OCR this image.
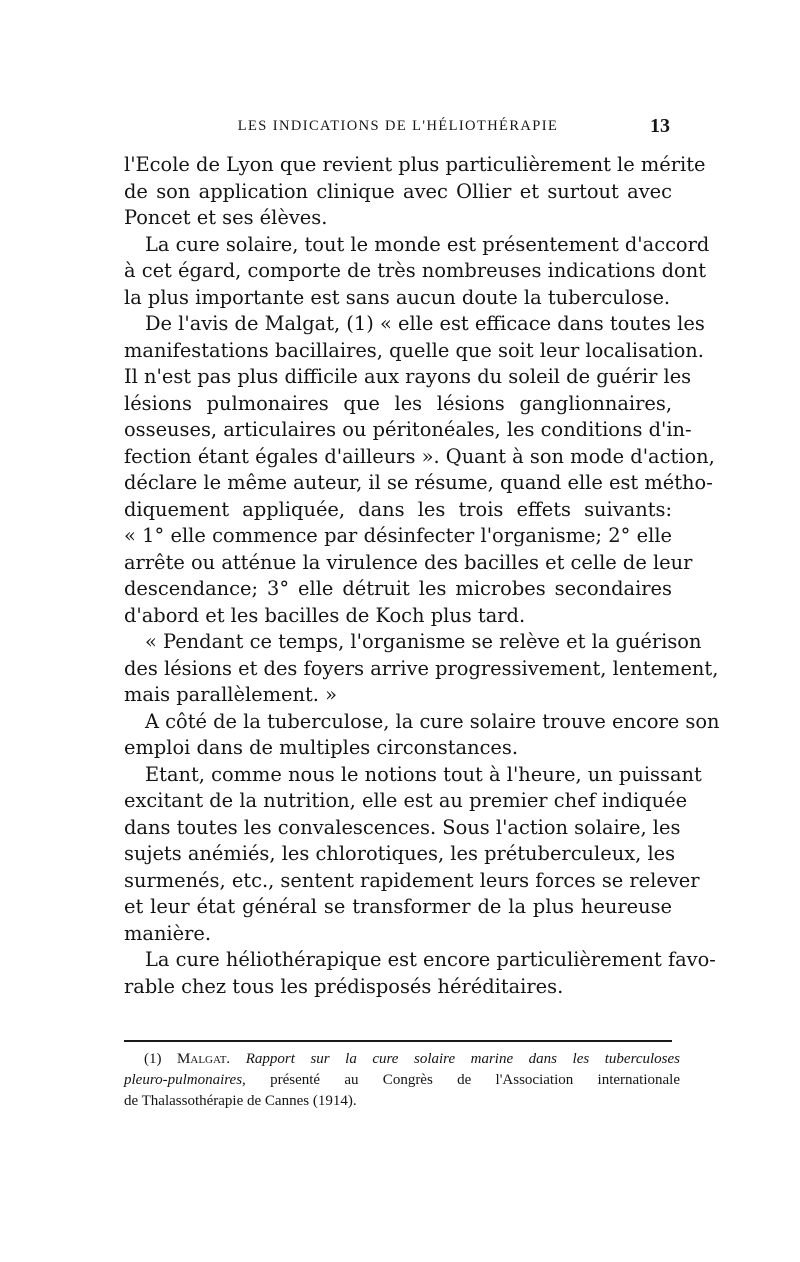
LES INDICATIONS DE L'HÉLIOTHÉRAPIE	13
l'Ecole de Lyon que revient plus particulièrement le mérite
de son application clinique avec Ollier et surtout avec
Poncet et ses élèves.
La cure solaire, tout le monde est présentement d'accord
à cet égard, comporte de très nombreuses indications dont
la plus importante est sans aucun doute la tuberculose.
De l'avis de Malgat, (1) « elle est efficace dans toutes les
manifestations bacillaires, quelle que soit leur localisation.
Il n'est pas plus difficile aux rayons du soleil de guérir les
lésions pulmonaires que les lésions ganglionnaires,
osseuses, articulaires ou péritonéales, les conditions d'in-
fection étant égales d'ailleurs ». Quant à son mode d'action,
déclare le même auteur, il se résume, quand elle est métho-
diquement appliquée, dans les trois effets suivants:
« 1° elle commence par désinfecter l'organisme; 2° elle
arrête ou atténue la virulence des bacilles et celle de leur
descendance; 3° elle détruit les microbes secondaires
d'abord et les bacilles de Koch plus tard.
« Pendant ce temps, l'organisme se relève et la guérison
des lésions et des foyers arrive progressivement, lentement,
mais parallèlement. »
A côté de la tuberculose, la cure solaire trouve encore son
emploi dans de multiples circonstances.
Etant, comme nous le notions tout à l'heure, un puissant
excitant de la nutrition, elle est au premier chef indiquée
dans toutes les convalescences. Sous l'action solaire, les
sujets anémiés, les chlorotiques, les prétuberculeux, les
surmenés, etc., sentent rapidement leurs forces se relever
et leur état général se transformer de la plus heureuse
manière.
La cure héliothérapique est encore particulièrement favo-
rable chez tous les prédisposés héréditaires.
(1) Malgat. Rapport sur la cure solaire marine dans les tuberculoses
pleuro-pulmonaires, présenté au Congrès de l'Association internationale
de Thalassothérapie de Cannes (1914).
